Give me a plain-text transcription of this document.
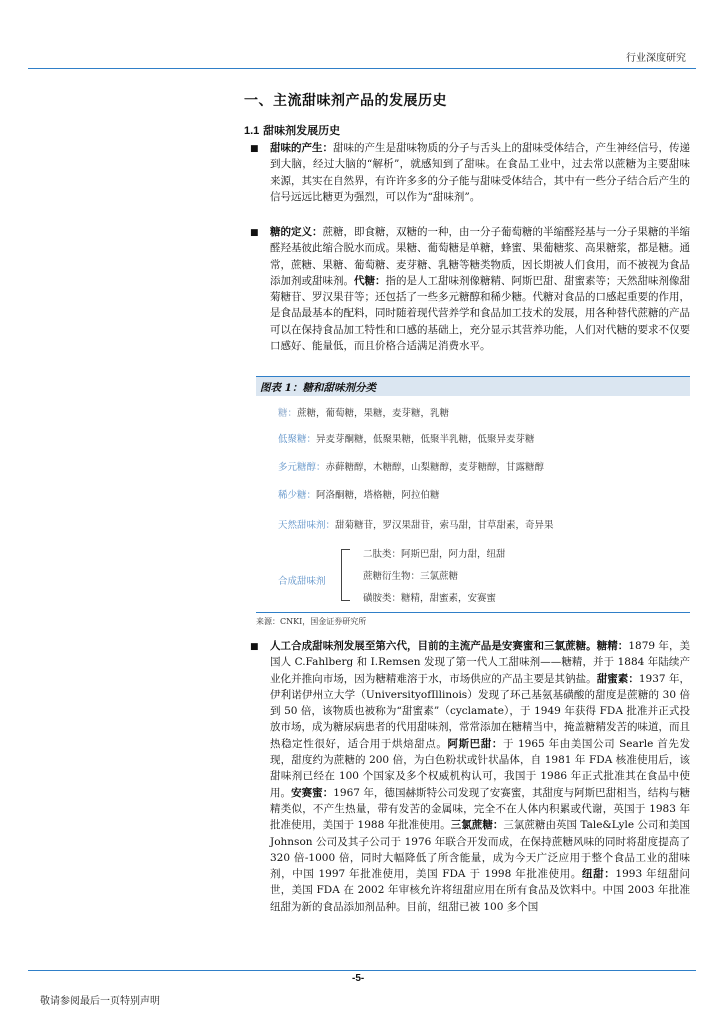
行业深度研究
一、主流甜味剂产品的发展历史
1.1 甜味剂发展历史
■ 甜味的产生：甜味的产生是甜味物质的分子与舌头上的甜味受体结合，产生神经信号，传递到大脑，经过大脑的“解析”，就感知到了甜味。在食品工业中，过去常以蔗糖为主要甜味来源，其实在自然界，有许许多多的分子能与甜味受体结合，其中有一些分子结合后产生的信号远远比糖更为强烈，可以作为“甜味剂”。
■ 糖的定义：蔗糖，即食糖，双糖的一种，由一分子葡萄糖的半缩醛羟基与一分子果糖的半缩醛羟基彼此缩合脱水而成。果糖、葡萄糖是单糖，蜂蜜、果葡糖浆、高果糖浆，都是糖。通常，蔗糖、果糖、葡萄糖、麦芽糖、乳糖等糖类物质，因长期被人们食用，而不被视为食品添加剂或甜味剂。代糖：指的是人工甜味剂像糖精、阿斯巴甜、甜蜜素等；天然甜味剂像甜菊糖苷、罗汉果苷等；还包括了一些多元糖醇和稀少糖。代糖对食品的口感起重要的作用，是食品最基本的配料，同时随着现代营养学和食品加工技术的发展，用各种替代蔗糖的产品可以在保持食品加工特性和口感的基础上，充分显示其营养功能，人们对代糖的要求不仅要口感好、能量低，而且价格合适满足消费水平。
图表 1：糖和甜味剂分类
糖：蔗糖，葡萄糖，果糖，麦芽糖，乳糖
低聚糖：异麦芽酮糖，低聚果糖，低聚半乳糖，低聚异麦芽糖
多元糖醇：赤藓糖醇，木糖醇，山梨糖醇，麦芽糖醇，甘露糖醇
稀少糖：阿洛酮糖，塔格糖，阿拉伯糖
天然甜味剂：甜菊糖苷，罗汉果甜苷，索马甜，甘草甜素，奇异果
合成甜味剂
二肽类：阿斯巴甜，阿力甜，纽甜
蔗糖衍生物：三氯蔗糖
磺胺类：糖精，甜蜜素，安赛蜜
来源：CNKI，国金证券研究所
■ 人工合成甜味剂发展至第六代，目前的主流产品是安赛蜜和三氯蔗糖。糖精：1879 年，美国人 C.Fahlberg 和 I.Remsen 发现了第一代人工甜味剂——糖精，并于 1884 年陆续产业化并推向市场，因为糖精难溶于水，市场供应的产品主要是其钠盐。甜蜜素：1937 年，伊利诺伊州立大学（UniversityofIllinois）发现了环己基氨基磺酸的甜度是蔗糖的 30 倍到 50 倍，该物质也被称为“甜蜜素”（cyclamate），于 1949 年获得 FDA 批准并正式投放市场，成为糖尿病患者的代用甜味剂，常常添加在糖精当中，掩盖糖精发苦的味道，而且热稳定性很好，适合用于烘焙甜点。阿斯巴甜：于 1965 年由美国公司 Searle 首先发现，甜度约为蔗糖的 200 倍，为白色粉状或针状晶体，自 1981 年 FDA 核准使用后，该甜味剂已经在 100 个国家及多个权威机构认可，我国于 1986 年正式批准其在食品中使用。安赛蜜：1967 年，德国赫斯特公司发现了安赛蜜，其甜度与阿斯巴甜相当，结构与糖精类似，不产生热量，带有发苦的金属味，完全不在人体内积累或代谢，英国于 1983 年批准使用，美国于 1988 年批准使用。三氯蔗糖：三氯蔗糖由英国 Tale&Lyle 公司和美国 Johnson 公司及其子公司于 1976 年联合开发而成，在保持蔗糖风味的同时将甜度提高了 320 倍-1000 倍，同时大幅降低了所含能量，成为今天广泛应用于整个食品工业的甜味剂，中国 1997 年批准使用，美国 FDA 于 1998 年批准使用。纽甜：1993 年纽甜问世，美国 FDA 在 2002 年审核允许将纽甜应用在所有食品及饮料中。中国 2003 年批准纽甜为新的食品添加剂品种。目前，纽甜已被 100 多个国
-5-
敬请参阅最后一页特别声明
